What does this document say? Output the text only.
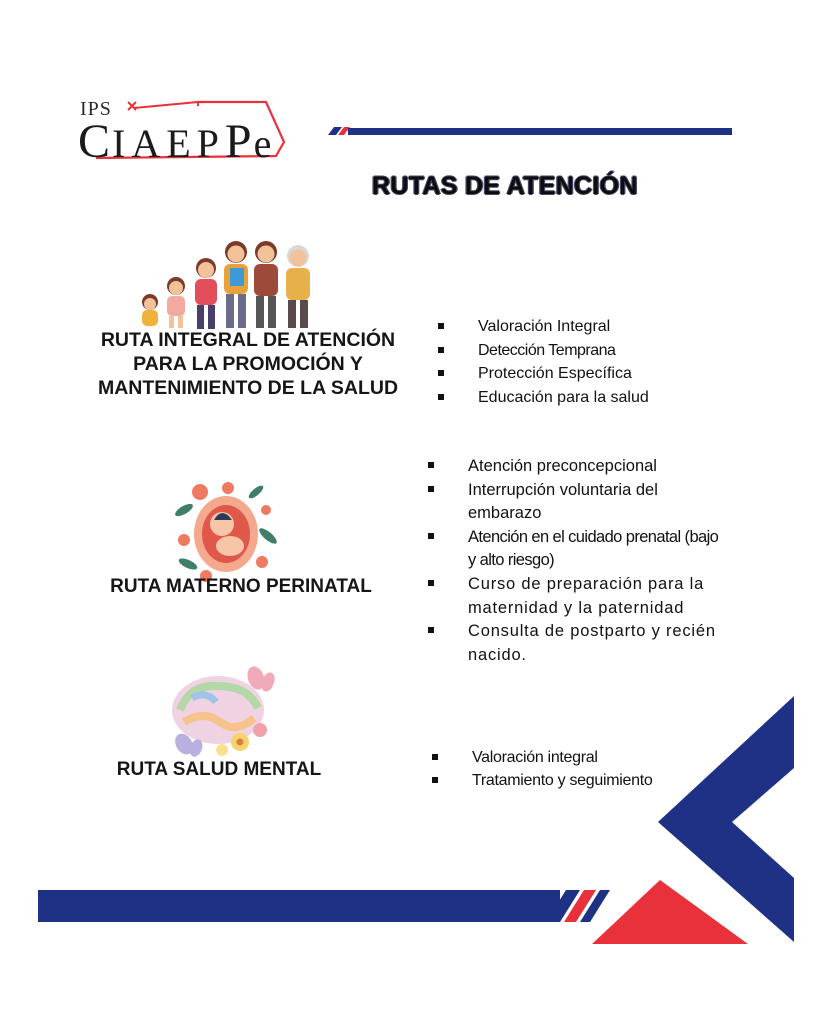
IPS
CIAEPPe
RUTAS DE ATENCIÓN
RUTA INTEGRAL DE ATENCIÓN
PARA LA PROMOCIÓN Y
MANTENIMIENTO DE LA SALUD
Valoración Integral
Detección Temprana
Protección Específica
Educación para la salud
RUTA MATERNO PERINATAL
Atención preconcepcional
Interrupción voluntaria del embarazo
Atención en el cuidado prenatal (bajo y alto riesgo)
Curso de preparación para la maternidad y la paternidad
Consulta de postparto y recién nacido.
RUTA SALUD MENTAL
Valoración integral
Tratamiento y seguimiento
